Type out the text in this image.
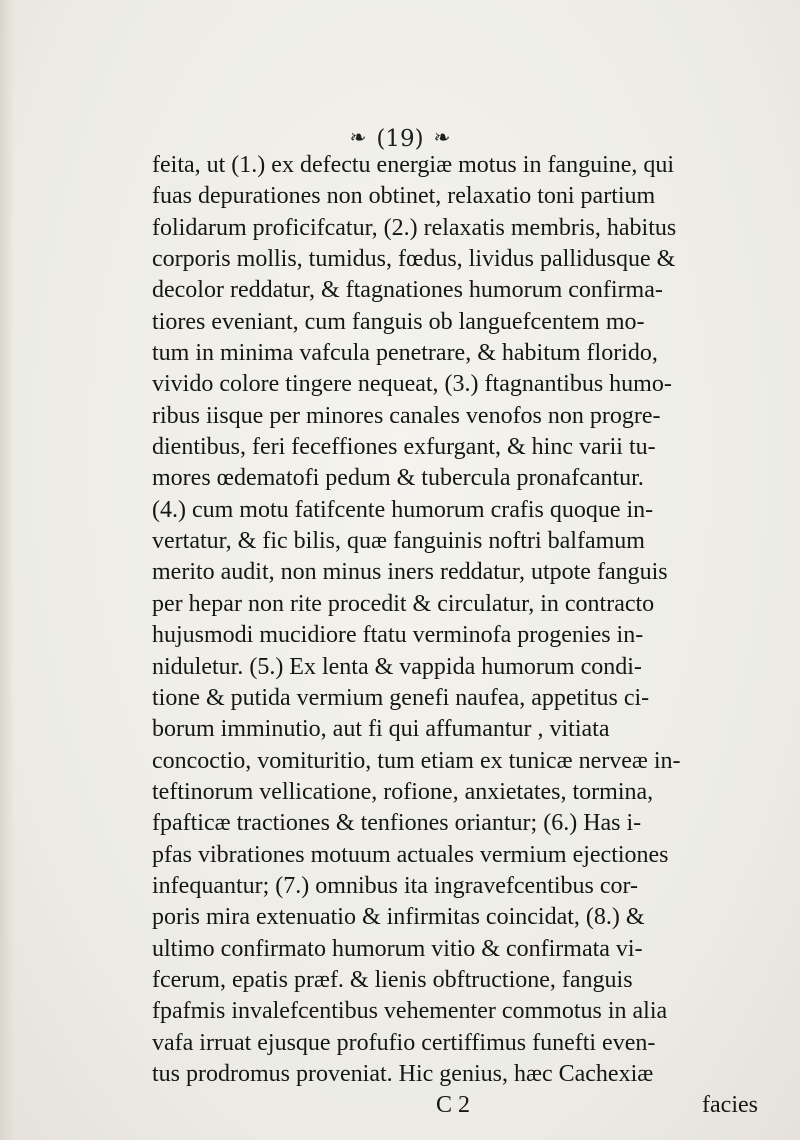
❧ (19) ❧
feita, ut (1.) ex defectu energiæ motus in fanguine, qui
fuas depurationes non obtinet, relaxatio toni partium
folidarum proficifcatur, (2.) relaxatis membris, habitus
corporis mollis, tumidus, fœdus, lividus pallidusque &
decolor reddatur, & ftagnationes humorum confirma-
tiores eveniant, cum fanguis ob languefcentem mo-
tum in minima vafcula penetrare, & habitum florido,
vivido colore tingere nequeat, (3.) ftagnantibus humo-
ribus iisque per minores canales venofos non progre-
dientibus, feri feceffiones exfurgant, & hinc varii tu-
mores œdematofi pedum & tubercula pronafcantur.
(4.) cum motu fatifcente humorum crafis quoque in-
vertatur, & fic bilis, quæ fanguinis noftri balfamum
merito audit, non minus iners reddatur, utpote fanguis
per hepar non rite procedit & circulatur, in contracto
hujusmodi mucidiore ftatu verminofa progenies in-
niduletur. (5.) Ex lenta & vappida humorum condi-
tione & putida vermium genefi naufea, appetitus ci-
borum imminutio, aut fi qui affumantur , vitiata
concoctio, vomituritio, tum etiam ex tunicæ nerveæ in-
teftinorum vellicatione, rofione, anxietates, tormina,
fpafticæ tractiones & tenfiones oriantur; (6.) Has i-
pfas vibrationes motuum actuales vermium ejectiones
infequantur; (7.) omnibus ita ingravefcentibus cor-
poris mira extenuatio & infirmitas coincidat, (8.) &
ultimo confirmato humorum vitio & confirmata vi-
fcerum, epatis præf. & lienis obftructione, fanguis
fpafmis invalefcentibus vehementer commotus in alia
vafa irruat ejusque profufio certiffimus funefti even-
tus prodromus proveniat. Hic genius, hæc Cachexiæ
C 2	facies
